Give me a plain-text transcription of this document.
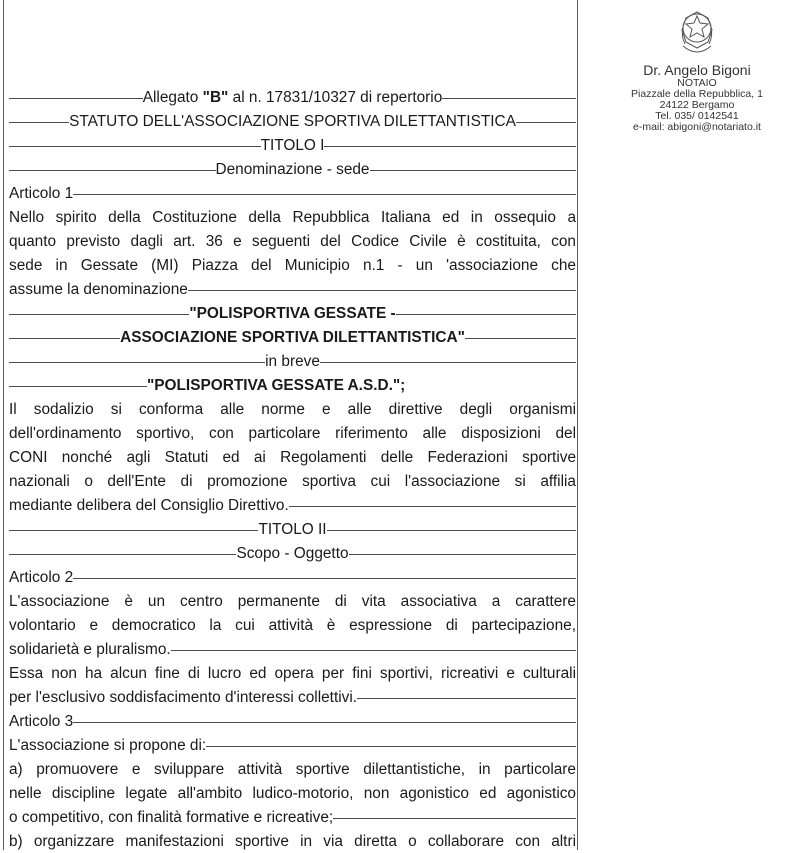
Allegato "B" al n. 17831/10327 di repertorio
STATUTO DELL'ASSOCIAZIONE SPORTIVA DILETTANTISTICA
TITOLO I
Denominazione - sede
Articolo 1
Nello spirito della Costituzione della Repubblica Italiana ed in ossequio a
quanto previsto dagli art. 36 e seguenti del Codice Civile è costituita, con
sede in Gessate (MI) Piazza del Municipio n.1 - un 'associazione che
assume la denominazione
"POLISPORTIVA GESSATE -
ASSOCIAZIONE SPORTIVA DILETTANTISTICA"
in breve
"POLISPORTIVA GESSATE A.S.D.";
Il sodalizio si conforma alle norme e alle direttive degli organismi
dell'ordinamento sportivo, con particolare riferimento alle disposizioni del
CONI nonché agli Statuti ed ai Regolamenti delle Federazioni sportive
nazionali o dell'Ente di promozione sportiva cui l'associazione si affilia
mediante delibera del Consiglio Direttivo.
TITOLO II
Scopo - Oggetto
Articolo 2
L'associazione è un centro permanente di vita associativa a carattere
volontario e democratico la cui attività è espressione di partecipazione,
solidarietà e pluralismo.
Essa non ha alcun fine di lucro ed opera per fini sportivi, ricreativi e culturali
per l'esclusivo soddisfacimento d'interessi collettivi.
Articolo 3
L'associazione si propone di:
a) promuovere e sviluppare attività sportive dilettantistiche, in particolare
nelle discipline legate all'ambito ludico-motorio, non agonistico ed agonistico
o competitivo, con finalità formative e ricreative;
b) organizzare manifestazioni sportive in via diretta o collaborare con altri
Dr. Angelo Bigoni
NOTAIO
Piazzale della Repubblica, 1
24122 Bergamo
Tel. 035/ 0142541
e-mail: abigoni@notariato.it
